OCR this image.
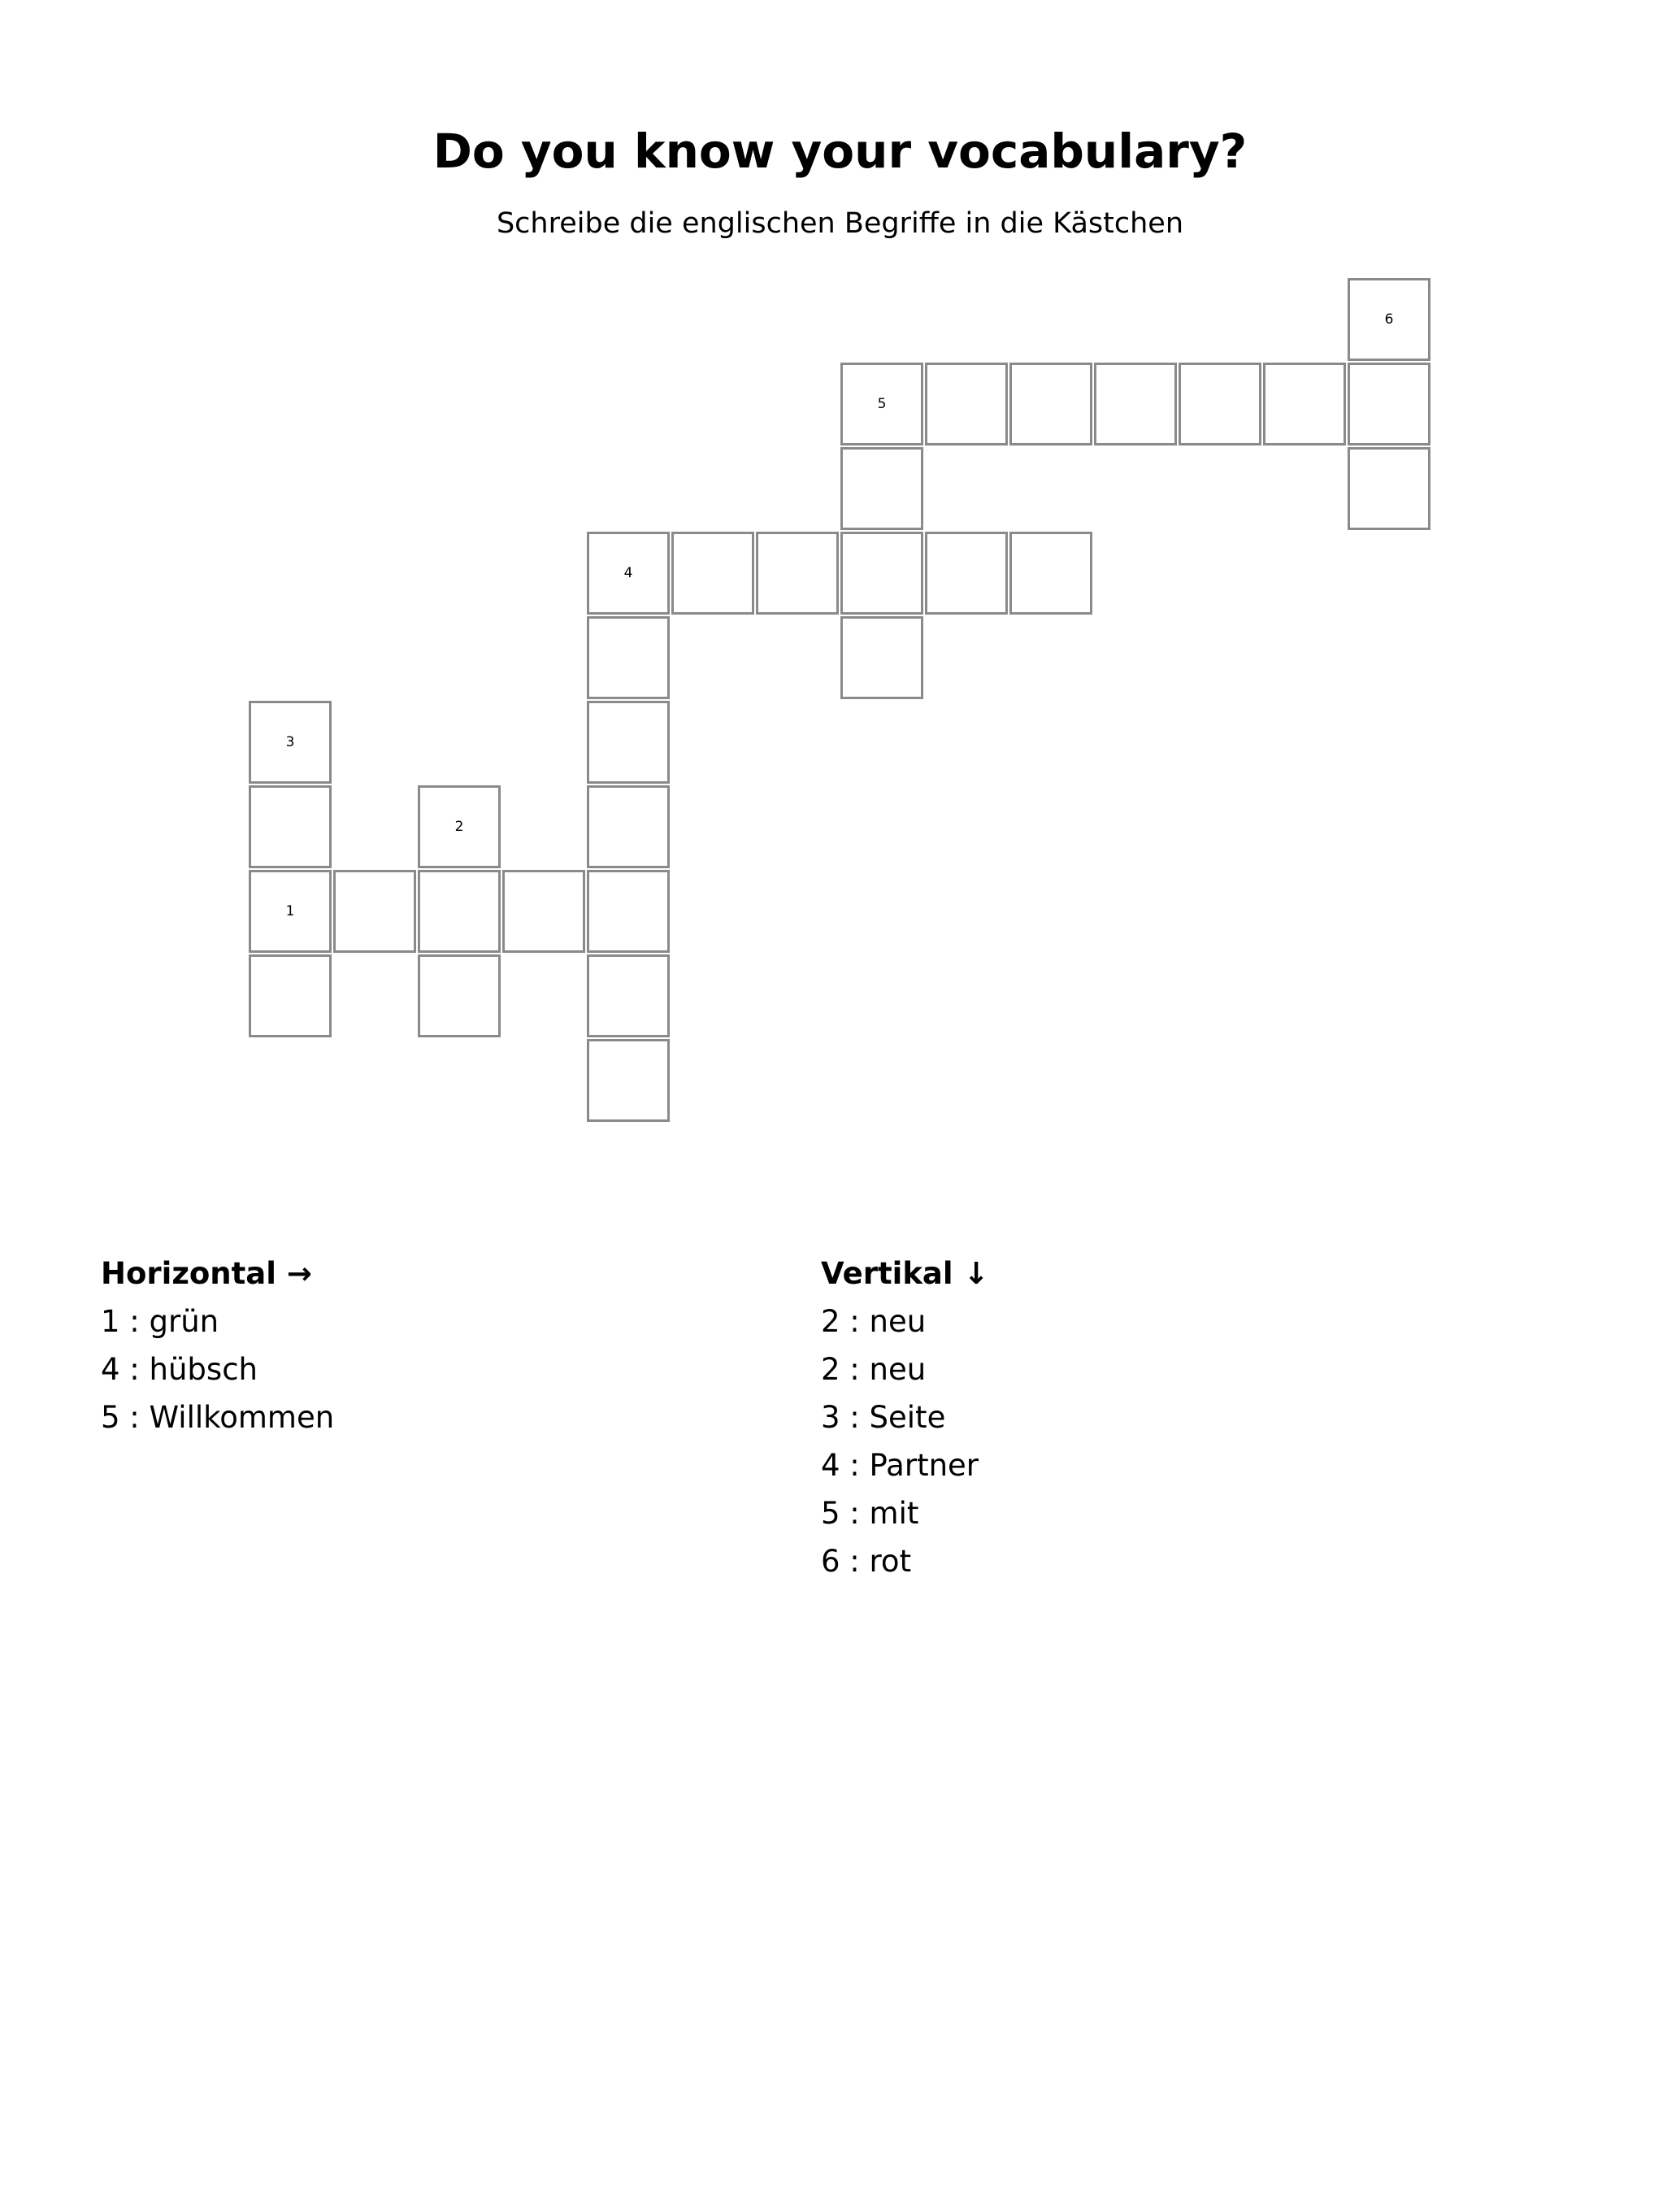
Do you know your vocabulary?

Schreibe die englischen Begriffe in die Kästchen

6
5
4
3
2
1

Horizontal →

1 : grün
4 : hübsch
5 : Willkommen

Vertikal ↓

2 : neu
2 : neu
3 : Seite
4 : Partner
5 : mit
6 : rot
